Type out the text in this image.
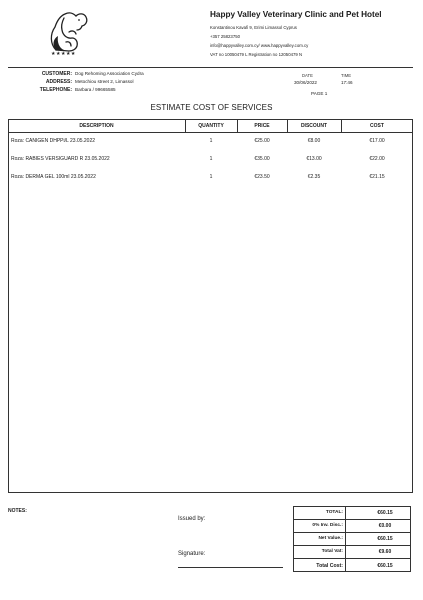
★★★★★
Happy Valley Veterinary Clinic and Pet Hotel
Konstantinou Kavafi 9, Erimi Limassol Cyprus
+357 25823750
info@happyvalley.com.cy/ www.happyvalley.com.cy
VAT no 10050479 L Registration no 12050479 N
CUSTOMER: Dog Rehoming Association Cydra
ADDRESS: Metochiou street 2, Limassol
TELEPHONE: Barbara / 99665585
DATE
30/06/2022
TIME
17:46
PAGE 1
ESTIMATE COST OF SERVICES
DESCRIPTION	QUANTITY	PRICE	DISCOUNT	COST
Roza: CANIGEN DHPPi/L 23.05.2022	1	€25.00	€8.00	€17.00
Roza: RABIES VERSIGUARD R 23.05.2022	1	€35.00	€13.00	€22.00
Roza: DERMA GEL 100ml 23.05.2022	1	€23.50	€2.35	€21.15
NOTES:
Issued by:
Signature:
TOTAL:	€60.15
0% Inv. Disc.:	€0.00
Net Value.:	€60.15
Total Vat:	€9.60
Total Cost:	€60.15
